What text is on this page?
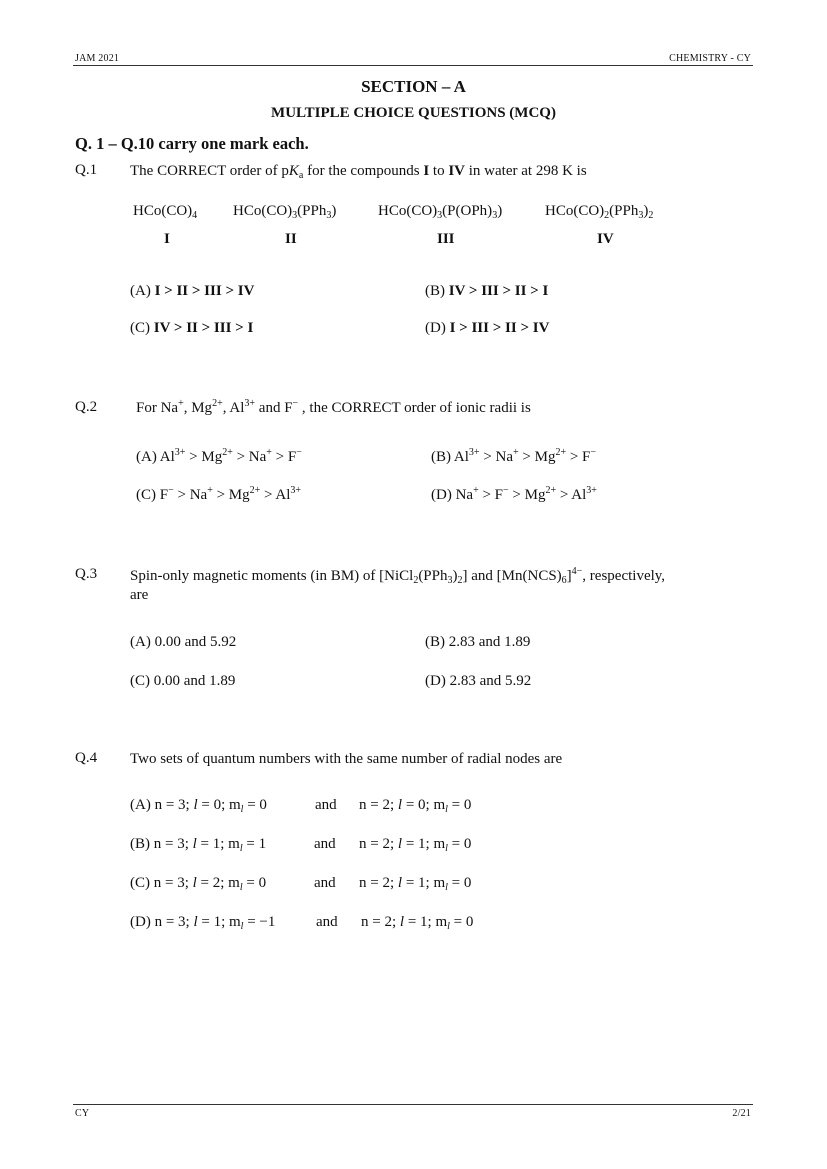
JAM 2021	CHEMISTRY - CY
SECTION – A
MULTIPLE CHOICE QUESTIONS (MCQ)
Q. 1 – Q.10 carry one mark each.
Q.1 The CORRECT order of $pK_a$ for the compounds I to IV in water at 298 K is
$HCo(CO)_4$ $HCo(CO)_3(PPh_3)$	$HCo(CO)_3(P(OPh)_3)$	$HCo(CO)_2(PPh_3)_2$
I	II	III	IV
(A) I > II > III > IV	(B) IV > III > II > I
(C) IV > II > III > I	(D) I > III > II > IV
Q.2	For Na+, $Mg^{2+}$, $Al^{3+}$ and F− , the CORRECT order of ionic radii is
(A) $Al^{3+} > Mg^{2+} > Na^+ > F^-$	(B) $Al^{3+} > Na^+ > Mg^{2+} > F^-$
(C) $F^- > Na^+ > Mg^{2+} > Al^{3+}$	(D) $Na^+ > F^- > Mg^{2+} > Al^{3+}$
Q.3 Spin-only magnetic moments (in BM) of $[NiCl_2(PPh_3)_2]$ and $[Mn(NCS)_6]^{4-}$, respectively,
are
(A) 0.00 and 5.92	(B) 2.83 and 1.89
(C) 0.00 and 1.89	(D) 2.83 and 5.92
Q.4 Two sets of quantum numbers with the same number of radial nodes are
(A) n = 3; l = 0; $m_l = 0$	and n = 2; l = 0; $m_l = 0$
(B) n = 3; l = 1; $m_l = 1$	and n = 2; l = 1; $m_l = 0$
(C) n = 3; l = 2; $m_l = 0$	and n = 2; l = 1; $m_l = 0$
(D) n = 3; l = 1; $m_l = -1$	and n = 2; l = 1; $m_l = 0$
CY	2/21
